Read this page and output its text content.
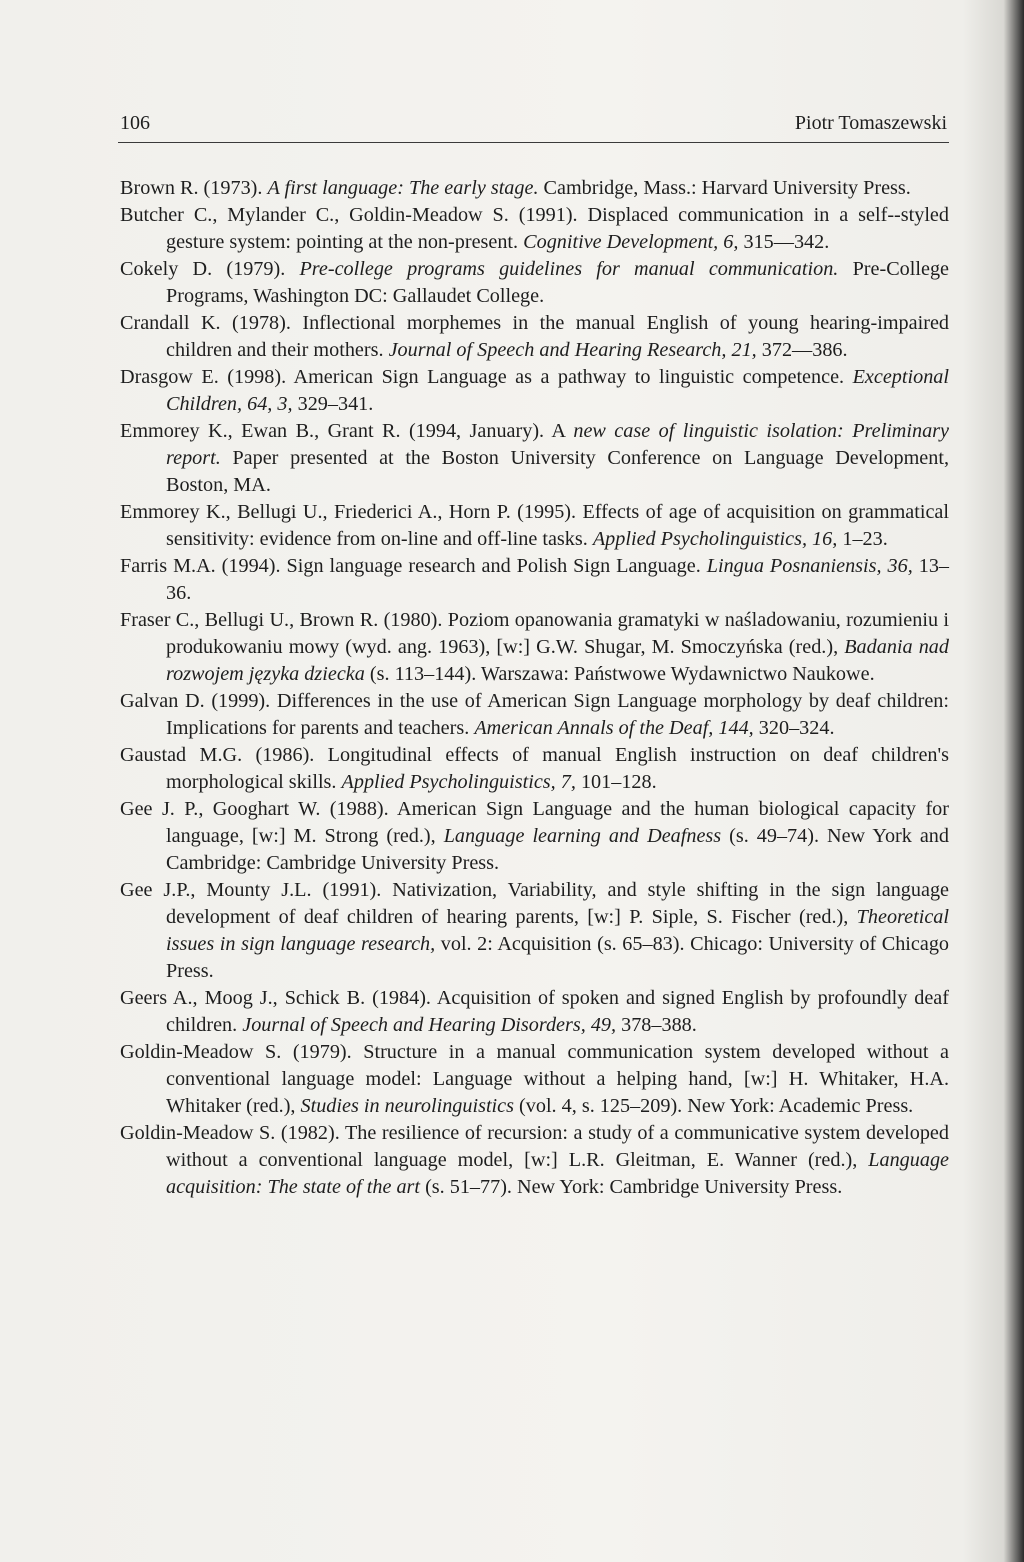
106	Piotr Tomaszewski

Brown R. (1973). A first language: The early stage. Cambridge, Mass.: Harvard University Press.

Butcher C., Mylander C., Goldin-Meadow S. (1991). Displaced communication in a self--styled gesture system: pointing at the non-present. Cognitive Development, 6, 315–​–342.

Cokely D. (1979). Pre-college programs guidelines for manual communication. Pre-College Programs, Washington DC: Gallaudet College.

Crandall K. (1978). Inflectional morphemes in the manual English of young hearing-impaired children and their mothers. Journal of Speech and Hearing Research, 21, 372–​–386.

Drasgow E. (1998). American Sign Language as a pathway to linguistic competence. Exceptional Children, 64, 3, 329–341.

Emmorey K., Ewan B., Grant R. (1994, January). A new case of linguistic isolation: Preliminary report. Paper presented at the Boston University Conference on Language Development, Boston, MA.

Emmorey K., Bellugi U., Friederici A., Horn P. (1995). Effects of age of acquisition on grammatical sensitivity: evidence from on-line and off-line tasks. Applied Psycholinguistics, 16, 1–23.

Farris M.A. (1994). Sign language research and Polish Sign Language. Lingua Posnaniensis, 36, 13–36.

Fraser C., Bellugi U., Brown R. (1980). Poziom opanowania gramatyki w naśladowaniu, rozumieniu i produkowaniu mowy (wyd. ang. 1963), [w:] G.W. Shugar, M. Smoczyńska (red.), Badania nad rozwojem języka dziecka (s. 113–144). Warszawa: Państwowe Wydawnictwo Naukowe.

Galvan D. (1999). Differences in the use of American Sign Language morphology by deaf children: Implications for parents and teachers. American Annals of the Deaf, 144, 320–324.

Gaustad M.G. (1986). Longitudinal effects of manual English instruction on deaf children's morphological skills. Applied Psycholinguistics, 7, 101–128.

Gee J. P., Googhart W. (1988). American Sign Language and the human biological capacity for language, [w:] M. Strong (red.), Language learning and Deafness (s. 49–74). New York and Cambridge: Cambridge University Press.

Gee J.P., Mounty J.L. (1991). Nativization, Variability, and style shifting in the sign language development of deaf children of hearing parents, [w:] P. Siple, S. Fischer (red.), Theoretical issues in sign language research, vol. 2: Acquisition (s. 65–83). Chicago: University of Chicago Press.

Geers A., Moog J., Schick B. (1984). Acquisition of spoken and signed English by profoundly deaf children. Journal of Speech and Hearing Disorders, 49, 378–388.

Goldin-Meadow S. (1979). Structure in a manual communication system developed without a conventional language model: Language without a helping hand, [w:] H. Whitaker, H.A. Whitaker (red.), Studies in neurolinguistics (vol. 4, s. 125–209). New York: Academic Press.

Goldin-Meadow S. (1982). The resilience of recursion: a study of a communicative system developed without a conventional language model, [w:] L.R. Gleitman, E. Wanner (red.), Language acquisition: The state of the art (s. 51–77). New York: Cambridge University Press.
